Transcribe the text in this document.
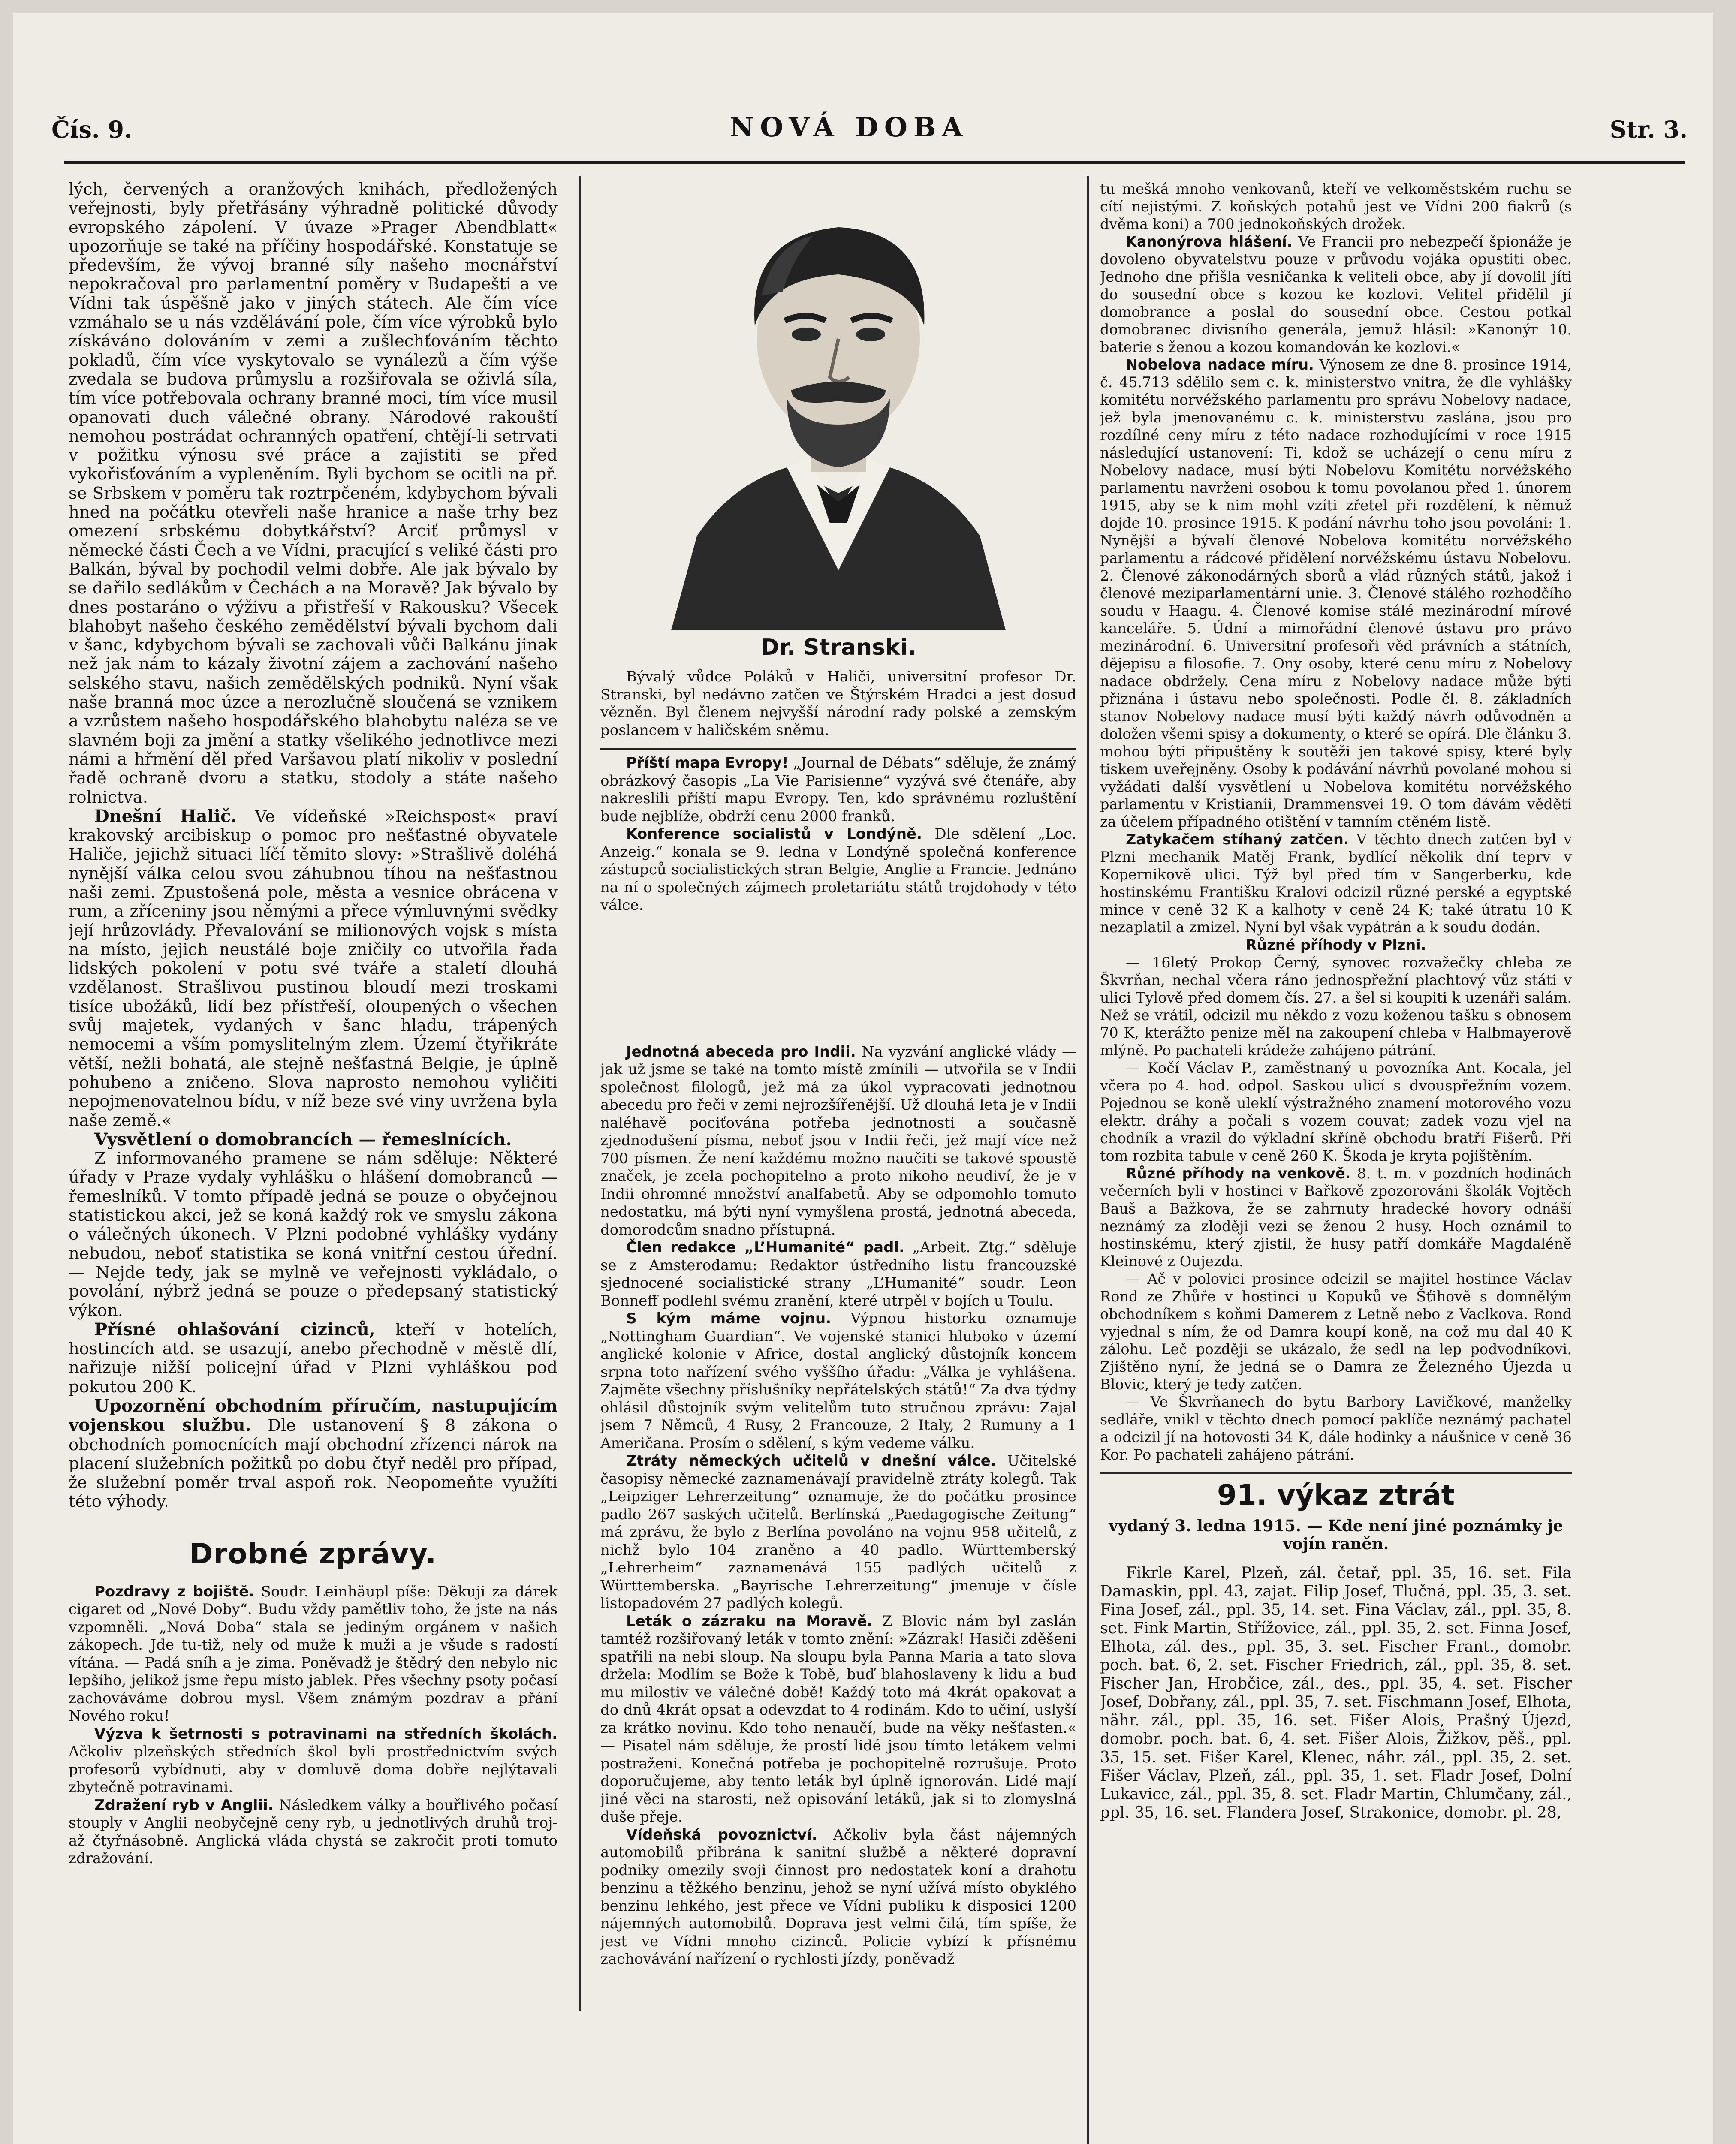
Čís. 9.	NOVÁ DOBA	Str. 3.

lých, červených a oranžových knihách, předložených veřejnosti, byly přetřásány výhradně politické důvody evropského zápolení. V úvaze »Prager Abendblatt« upozorňuje se také na příčiny hospodářské. Konstatuje se především, že vývoj branné síly našeho mocnářství nepokračoval pro parlamentní poměry v Budapešti a ve Vídni tak úspěšně jako v jiných státech. Ale čím více vzmáhalo se u nás vzdělávání pole, čím více výrobků bylo získáváno dolováním v zemi a zušlechťováním těchto pokladů, čím více vyskytovalo se vynálezů a čím výše zvedala se budova průmyslu a rozšiřovala se oživlá síla, tím více potřebovala ochrany branné moci, tím více musil opanovati duch válečné obrany. Národové rakouští nemohou postrádat ochranných opatření, chtějí-li setrvati v požitku výnosu své práce a zajistiti se před vykořisťováním a vypleněním. Byli bychom se ocitli na př. se Srbskem v poměru tak roztrpčeném, kdybychom bývali hned na počátku otevřeli naše hranice a naše trhy bez omezení srbskému dobytkářství? Arciť průmysl v německé části Čech a ve Vídni, pracující s veliké části pro Balkán, býval by pochodil velmi dobře. Ale jak bývalo by se dařilo sedlákům v Čechách a na Moravě? Jak bývalo by dnes postaráno o výživu a přistřeší v Rakousku? Všecek blahobyt našeho českého zemědělství bývali bychom dali v šanc, kdybychom bývali se zachovali vůči Balkánu jinak než jak nám to kázaly životní zájem a zachování našeho selského stavu, našich zemědělských podniků. Nyní však naše branná moc úzce a nerozlučně sloučená se vznikem a vzrůstem našeho hospodářského blahobytu naléza se ve slavném boji za jmění a statky všelikého jednotlivce mezi námi a hřmění děl před Varšavou platí nikoliv v poslední řadě ochraně dvoru a statku, stodoly a státe našeho rolnictva.

Dnešní Halič. Ve vídeňské »Reichspost« praví krakovský arcibiskup o pomoc pro nešťastné obyvatele Haliče, jejichž situaci líčí těmito slovy: »Strašlivě doléhá nynější válka celou svou záhubnou tíhou na nešťastnou naši zemi. Zpustošená pole, města a vesnice obrácena v rum, a zříceniny jsou němými a přece výmluvnými svědky její hrůzovlády. Převalování se milionových vojsk s místa na místo, jejich neustálé boje zničily co utvořila řada lidských pokolení v potu své tváře a staletí dlouhá vzdělanost. Strašlivou pustinou bloudí mezi troskami tisíce ubožáků, lidí bez přístřeší, oloupených o všechen svůj majetek, vydaných v šanc hladu, trápených nemocemi a vším pomyslitelným zlem. Území čtyřikráte větší, nežli bohatá, ale stejně nešťastná Belgie, je úplně pohubeno a zničeno. Slova naprosto nemohou vyličiti nepojmenovatelnou bídu, v níž beze své viny uvržena byla naše země.«

Vysvětlení o domobrancích — řemeslnících.

Z informovaného pramene se nám sděluje: Některé úřady v Praze vydaly vyhlášku o hlášení domobranců — řemeslníků. V tomto případě jedná se pouze o obyčejnou statistickou akci, jež se koná každý rok ve smyslu zákona o válečných úkonech. V Plzni podobné vyhlášky vydány nebudou, neboť statistika se koná vnitřní cestou úřední. — Nejde tedy, jak se mylně ve veřejnosti vykládalo, o povolání, nýbrž jedná se pouze o předepsaný statistický výkon.

Přísné ohlašování cizinců, kteří v hotelích, hostincích atd. se usazují, anebo přechodně v městě dlí, nařizuje nižší policejní úřad v Plzni vyhláškou pod pokutou 200 K.

Upozornění obchodním příručím, nastupujícím vojenskou službu. Dle ustanovení § 8 zákona o obchodních pomocnících mají obchodní zřízenci nárok na placení služebních požitků po dobu čtyř neděl pro případ, že služební poměr trval aspoň rok. Neopomeňte využíti této výhody.

Drobné zprávy.

Pozdravy z bojiště. Soudr. Leinhäupl píše: Děkuji za dárek cigaret od „Nové Doby“. Budu vždy pamětliv toho, že jste na nás vzpomněli. „Nová Doba“ stala se jediným orgánem v našich zákopech. Jde tu-tiž, nely od muže k muži a je všude s radostí vítána. — Padá sníh a je zima. Poněvadž je štědrý den nebylo nic lepšího, jelikož jsme řepu místo jablek. Přes všechny psoty počasí zachováváme dobrou mysl. Všem známým pozdrav a přání Nového roku!

Výzva k šetrnosti s potravinami na středních školách. Ačkoliv plzeňských středních škol byli prostřednictvím svých profesorů vybídnuti, aby v domluvě doma dobře nejlýtavali zbytečně potravinami.

Zdražení ryb v Anglii. Následkem války a bouřlivého počasí stouply v Anglii neobyčejně ceny ryb, u jednotlivých druhů troj- až čtyřnásobně. Anglická vláda chystá se zakročit proti tomuto zdražování.

Dr. Stranski.

Bývalý vůdce Poláků v Haliči, universitní profesor Dr. Stranski, byl nedávno zatčen ve Štýrském Hradci a jest dosud vězněn. Byl členem nejvyšší národní rady polské a zemským poslancem v haličském sněmu.

Příští mapa Evropy! „Journal de Débats“ sděluje, že známý obrázkový časopis „La Vie Parisienne“ vyzývá své čtenáře, aby nakreslili příští mapu Evropy. Ten, kdo správnému rozluštění bude nejblíže, obdrží cenu 2000 franků.

Konference socialistů v Londýně. Dle sdělení „Loc. Anzeig.“ konala se 9. ledna v Londýně společná konference zástupců socialistických stran Belgie, Anglie a Francie. Jednáno na ní o společných zájmech proletariátu států trojdohody v této válce.

Jednotná abeceda pro Indii. Na vyzvání anglické vlády — jak už jsme se také na tomto místě zmínili — utvořila se v Indii společnost filologů, jež má za úkol vypracovati jednotnou abecedu pro řeči v zemi nejrozšířenější. Už dlouhá leta je v Indii naléhavě pociťována potřeba jednotnosti a současně zjednodušení písma, neboť jsou v Indii řeči, jež mají více než 700 písmen. Že není každému možno naučiti se takové spoustě značek, je zcela pochopitelno a proto nikoho neudiví, že je v Indii ohromné množství analfabetů. Aby se odpomohlo tomuto nedostatku, má býti nyní vymyšlena prostá, jednotná abeceda, domorodcům snadno přístupná.

Člen redakce „L’Humanité“ padl. „Arbeit. Ztg.“ sděluje se z Amsterodamu: Redaktor ústředního listu francouzské sjednocené socialistické strany „L’Humanité“ soudr. Leon Bonneff podlehl svému zranění, které utrpěl v bojích u Toulu.

S kým máme vojnu. Výpnou historku oznamuje „Nottingham Guardian“. Ve vojenské stanici hluboko v území anglické kolonie v Africe, dostal anglický důstojník koncem srpna toto nařízení svého vyššího úřadu: „Válka je vyhlášena. Zajměte všechny příslušníky nepřátelských států!“ Za dva týdny ohlásil důstojník svým velitelům tuto stručnou zprávu: Zajal jsem 7 Němců, 4 Rusy, 2 Francouze, 2 Italy, 2 Rumuny a 1 Američana. Prosím o sdělení, s kým vedeme válku.

Ztráty německých učitelů v dnešní válce. Učitelské časopisy německé zaznamenávají pravidelně ztráty kolegů. Tak „Leipziger Lehrerzeitung“ oznamuje, že do počátku prosince padlo 267 saských učitelů. Berlínská „Paedagogische Zeitung“ má zprávu, že bylo z Berlína povoláno na vojnu 958 učitelů, z nichž bylo 104 zraněno a 40 padlo. Württemberský „Lehrerheim“ zaznamenává 155 padlých učitelů z Württemberska. „Bayrische Lehrerzeitung“ jmenuje v čísle listopadovém 27 padlých kolegů.

Leták o zázraku na Moravě. Z Blovic nám byl zaslán tamtéž rozšiřovaný leták v tomto znění: »Zázrak! Hasiči zděšeni spatřili na nebi sloup. Na sloupu byla Panna Maria a tato slova držela: Modlím se Bože k Tobě, buď blahoslaveny k lidu a buď mu milostiv ve válečné době! Každý toto má 4krát opakovat a do dnů 4krát opsat a odevzdat to 4 rodinám. Kdo to učiní, uslyší za krátko novinu. Kdo toho nenaučí, bude na věky nešťasten.« — Pisatel nám sděluje, že prostí lidé jsou tímto letákem velmi postraženi. Konečná potřeba je pochopitelně rozrušuje. Proto doporučujeme, aby tento leták byl úplně ignorován. Lidé mají jiné věci na starosti, než opisování letáků, jak si to zlomyslná duše přeje.

Vídeňská povoznictví. Ačkoliv byla část nájemných automobilů přibrána k sanitní službě a některé dopravní podniky omezily svoji činnost pro nedostatek koní a drahotu benzinu a těžkého benzinu, jehož se nyní užívá místo obyklého benzinu lehkého, jest přece ve Vídni publiku k disposici 1200 nájemných automobilů. Doprava jest velmi čilá, tím spíše, že jest ve Vídni mnoho cizinců. Policie vybízí k přísnému zachovávání nařízení o rychlosti jízdy, poněvadž

tu mešká mnoho venkovanů, kteří ve velkoměstském ruchu se cítí nejistými. Z koňských potahů jest ve Vídni 200 fiakrů (s dvěma koni) a 700 jednokoňských drožek.

Kanonýrova hlášení. Ve Francii pro nebezpečí špionáže je dovoleno obyvatelstvu pouze v průvodu vojáka opustiti obec. Jednoho dne přišla vesničanka k veliteli obce, aby jí dovolil jíti do sousední obce s kozou ke kozlovi. Velitel přidělil jí domobrance a poslal do sousední obce. Cestou potkal domobranec divisního generála, jemuž hlásil: »Kanonýr 10. baterie s ženou a kozou komandován ke kozlovi.«

Nobelova nadace míru. Výnosem ze dne 8. prosince 1914, č. 45.713 sdělilo sem c. k. ministerstvo vnitra, že dle vyhlášky komitétu norvéžského parlamentu pro správu Nobelovy nadace, jež byla jmenovanému c. k. ministerstvu zaslána, jsou pro rozdílné ceny míru z této nadace rozhodujícími v roce 1915 následující ustanovení: Ti, kdož se ucházejí o cenu míru z Nobelovy nadace, musí býti Nobelovu Komitétu norvéžského parlamentu navrženi osobou k tomu povolanou před 1. únorem 1915, aby se k nim mohl vzíti zřetel při rozdělení, k němuž dojde 10. prosince 1915. K podání návrhu toho jsou povoláni: 1. Nynější a bývalí členové Nobelova komitétu norvéžského parlamentu a rádcové přidělení norvéžskému ústavu Nobelovu. 2. Členové zákonodárných sborů a vlád různých států, jakož i členové meziparlamentární unie. 3. Členové stálého rozhodčího soudu v Haagu. 4. Členové komise stálé mezinárodní mírové kanceláře. 5. Údní a mimořádní členové ústavu pro právo mezinárodní. 6. Universitní profesoři věd právních a státních, dějepisu a filosofie. 7. Ony osoby, které cenu míru z Nobelovy nadace obdržely. Cena míru z Nobelovy nadace může býti přiznána i ústavu nebo společnosti. Podle čl. 8. základních stanov Nobelovy nadace musí býti každý návrh odůvodněn a doložen všemi spisy a dokumenty, o které se opírá. Dle článku 3. mohou býti připuštěny k soutěži jen takové spisy, které byly tiskem uveřejněny. Osoby k podávání návrhů povolané mohou si vyžádati další vysvětlení u Nobelova komitétu norvéžského parlamentu v Kristianii, Drammensvei 19. O tom dávám věděti za účelem případného otištění v tamním ctěném listě.

Zatykačem stíhaný zatčen. V těchto dnech zatčen byl v Plzni mechanik Matěj Frank, bydlící několik dní teprv v Kopernikově ulici. Týž byl před tím v Sangerberku, kde hostinskému Františku Kralovi odcizil různé perské a egyptské mince v ceně 32 K a kalhoty v ceně 24 K; také útratu 10 K nezaplatil a zmizel. Nyní byl však vypátrán a k soudu dodán.

Různé příhody v Plzni.

— 16letý Prokop Černý, synovec rozvažečky chleba ze Škvrňan, nechal včera ráno jednospřežní plachtový vůz státi v ulici Tylově před domem čís. 27. a šel si koupiti k uzenáři salám. Než se vrátil, odcizil mu někdo z vozu koženou tašku s obnosem 70 K, kterážto penize měl na zakoupení chleba v Halbmayerově mlýně. Po pachateli krádeže zahájeno pátrání.

— Kočí Václav P., zaměstnaný u povozníka Ant. Kocala, jel včera po 4. hod. odpol. Saskou ulicí s dvouspřežním vozem. Pojednou se koně uleklí výstražného znamení motorového vozu elektr. dráhy a počali s vozem couvat; zadek vozu vjel na chodník a vrazil do výkladní skříně obchodu bratří Fišerů. Při tom rozbita tabule v ceně 260 K. Škoda je kryta pojištěním.

Různé příhody na venkově. 8. t. m. v pozdních hodinách večerních byli v hostinci v Bařkově zpozorováni školák Vojtěch Bauš a Bažkova, že se zahrnuty hradecké hovory odnáší neznámý za zloději vezi se ženou 2 husy. Hoch oznámil to hostinskému, který zjistil, že husy patří domkáře Magdaléně Kleinové z Oujezda.

— Ač v polovici prosince odcizil se majitel hostince Václav Rond ze Zhůře v hostinci u Kopuků ve Šťihově s domnělým obchodníkem s koňmi Damerem z Letně nebo z Vaclkova. Rond vyjednal s ním, že od Damra koupí koně, na což mu dal 40 K zálohu. Leč později se ukázalo, že sedl na lep podvodníkovi. Zjištěno nyní, že jedná se o Damra ze Železného Újezda u Blovic, který je tedy zatčen.

— Ve Škvrňanech do bytu Barbory Lavičkové, manželky sedláře, vnikl v těchto dnech pomocí paklíče neznámý pachatel a odcizil jí na hotovosti 34 K, dále hodinky a náušnice v ceně 36 Kor. Po pachateli zahájeno pátrání.

91. výkaz ztrát
vydaný 3. ledna 1915. — Kde není jiné poznámky je vojín raněn.

Fikrle Karel, Plzeň, zál. četař, ppl. 35, 16. set. Fila Damaskin, ppl. 43, zajat. Filip Josef, Tlučná, ppl. 35, 3. set. Fina Josef, zál., ppl. 35, 14. set. Fina Václav, zál., ppl. 35, 8. set. Fink Martin, Střížovice, zál., ppl. 35, 2. set. Finna Josef, Elhota, zál. des., ppl. 35, 3. set. Fischer Frant., domobr. poch. bat. 6, 2. set. Fischer Friedrich, zál., ppl. 35, 8. set. Fischer Jan, Hrobčice, zál., des., ppl. 35, 4. set. Fischer Josef, Dobřany, zál., ppl. 35, 7. set. Fischmann Josef, Elhota, nähr. zál., ppl. 35, 16. set. Fišer Alois, Prašný Újezd, domobr. poch. bat. 6, 4. set. Fišer Alois, Žižkov, pěš., ppl. 35, 15. set. Fišer Karel, Klenec, náhr. zál., ppl. 35, 2. set. Fišer Václav, Plzeň, zál., ppl. 35, 1. set. Fladr Josef, Dolní Lukavice, zál., ppl. 35, 8. set. Fladr Martin, Chlumčany, zál., ppl. 35, 16. set. Flandera Josef, Strakonice, domobr. pl. 28,
